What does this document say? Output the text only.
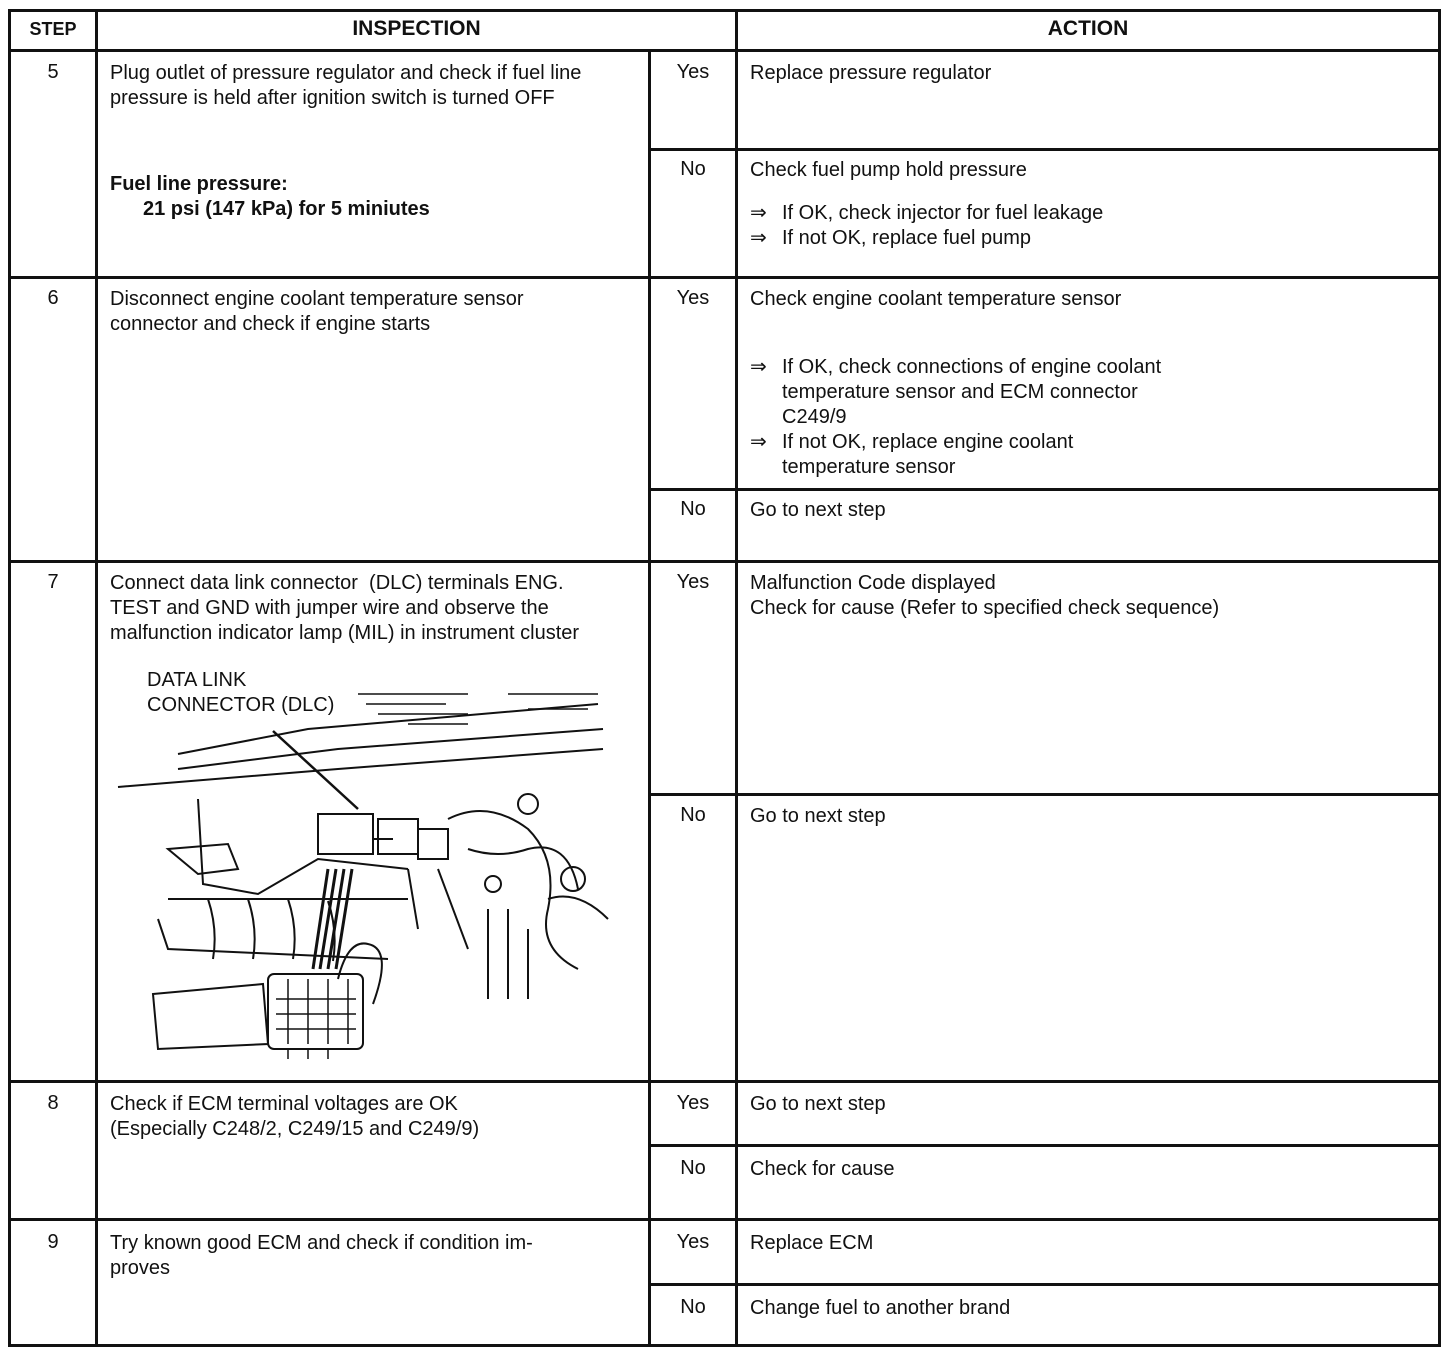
STEP	INSPECTION	ACTION
5	Plug outlet of pressure regulator and check if fuel line
pressure is held after ignition switch is turned OFF
Fuel line pressure:
21 psi (147 kPa) for 5 miniutes
Yes	Replace pressure regulator
No	Check fuel pump hold pressure
⇒ If OK, check injector for fuel leakage
⇒ If not OK, replace fuel pump
6	Disconnect engine coolant temperature sensor
connector and check if engine starts
Yes	Check engine coolant temperature sensor
⇒ If OK, check connections of engine coolant
temperature sensor and ECM connector
C249/9
⇒ If not OK, replace engine coolant
temperature sensor
No	Go to next step
7	Connect data link connector  (DLC) terminals ENG.
TEST and GND with jumper wire and observe the
malfunction indicator lamp (MIL) in instrument cluster
DATA LINK
CONNECTOR (DLC)
Yes	Malfunction Code displayed
Check for cause (Refer to specified check sequence)
No	Go to next step
8	Check if ECM terminal voltages are OK
(Especially C248/2, C249/15 and C249/9)
Yes	Go to next step
No	Check for cause
9	Try known good ECM and check if condition im-
proves
Yes	Replace ECM
No	Change fuel to another brand
